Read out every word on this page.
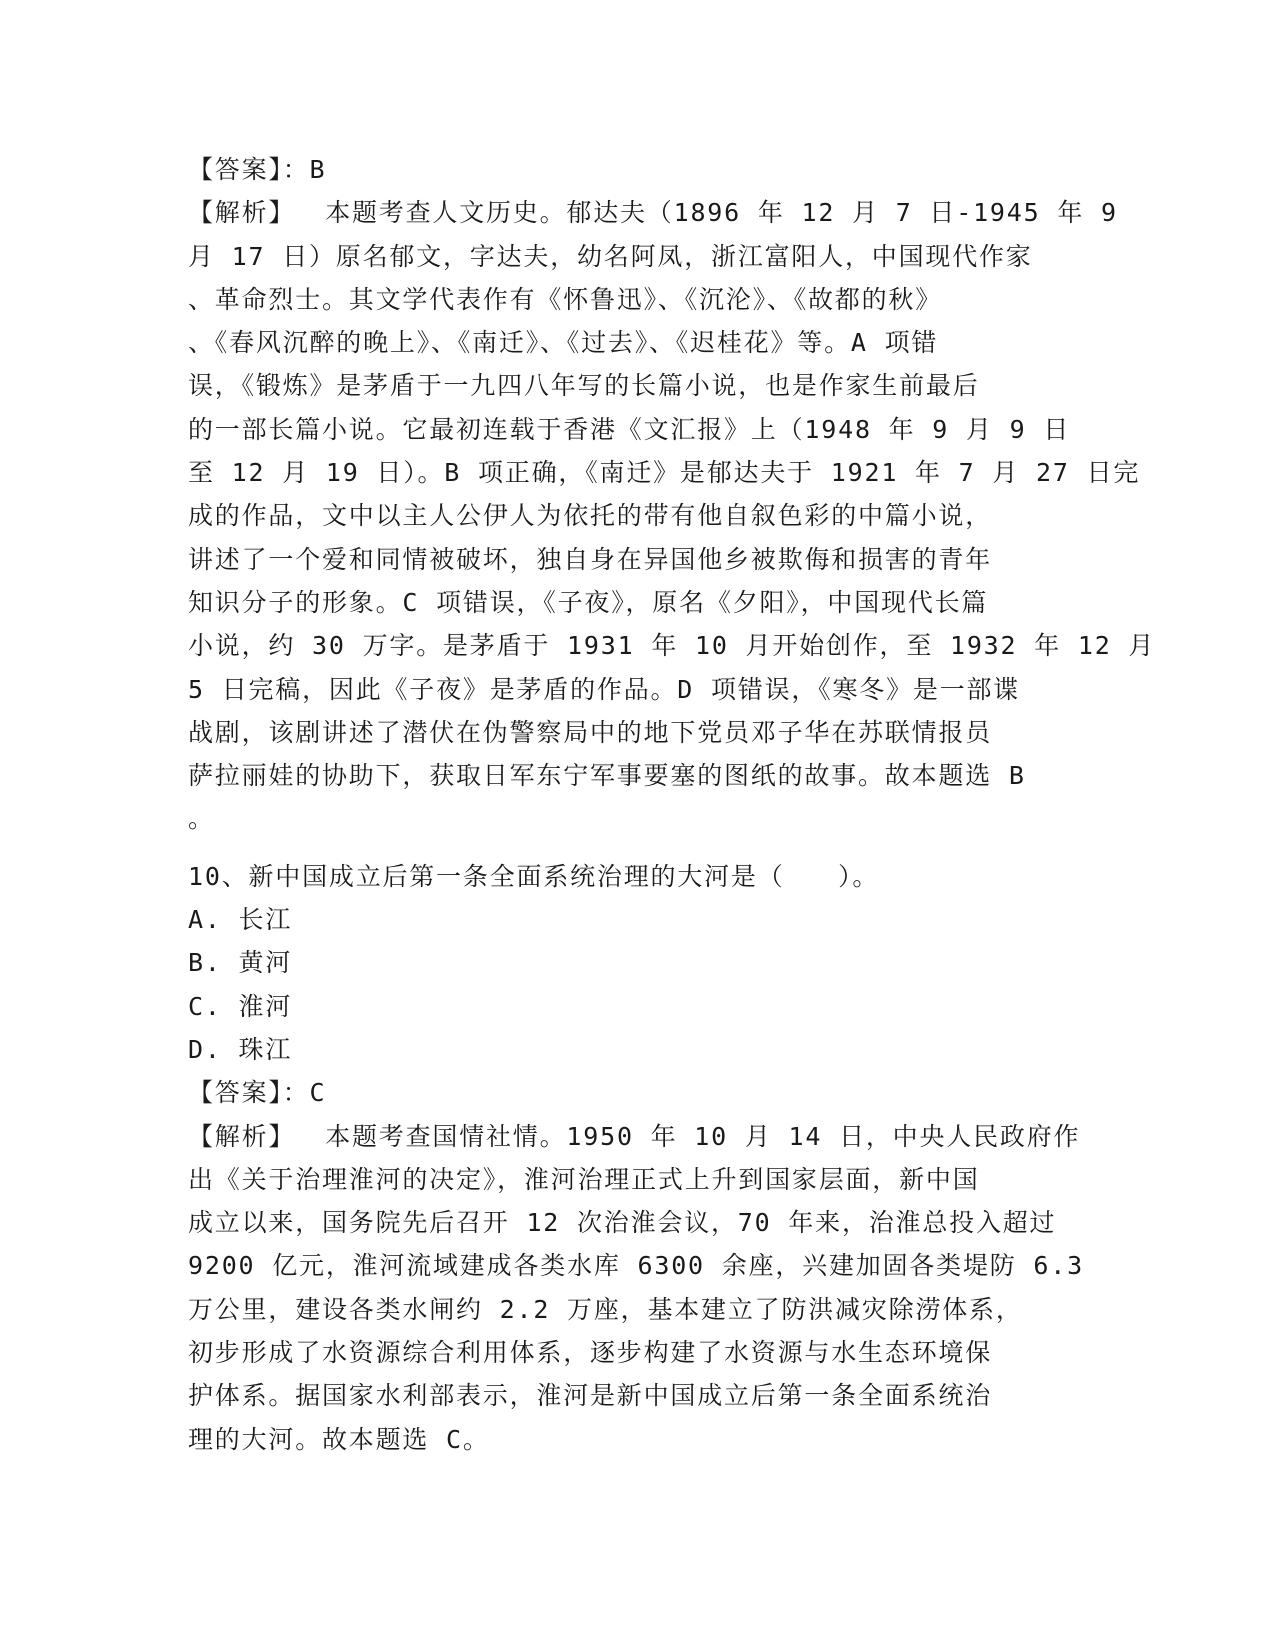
【答案】：B
【解析】 本题考查人文历史。郁达夫（1896 年 12 月 7 日-1945 年 9
月 17 日）原名郁文，字达夫，幼名阿凤，浙江富阳人，中国现代作家
、革命烈士。其文学代表作有《怀鲁迅》、《沉沦》、《故都的秋》
、《春风沉醉的晚上》、《南迁》、《过去》、《迟桂花》等。A 项错
误，《锻炼》是茅盾于一九四八年写的长篇小说，也是作家生前最后
的一部长篇小说。它最初连载于香港《文汇报》上（1948 年 9 月 9 日
至 12 月 19 日）。B 项正确，《南迁》是郁达夫于 1921 年 7 月 27 日完
成的作品，文中以主人公伊人为依托的带有他自叙色彩的中篇小说，
讲述了一个爱和同情被破坏，独自身在异国他乡被欺侮和损害的青年
知识分子的形象。C 项错误，《子夜》，原名《夕阳》，中国现代长篇
小说，约 30 万字。是茅盾于 1931 年 10 月开始创作，至 1932 年 12 月
5 日完稿，因此《子夜》是茅盾的作品。D 项错误，《寒冬》是一部谍
战剧，该剧讲述了潜伏在伪警察局中的地下党员邓子华在苏联情报员
萨拉丽娃的协助下，获取日军东宁军事要塞的图纸的故事。故本题选 B
。
10、新中国成立后第一条全面系统治理的大河是（　　）。
A. 长江
B. 黄河
C. 淮河
D. 珠江
【答案】：C
【解析】 本题考查国情社情。1950 年 10 月 14 日，中央人民政府作
出《关于治理淮河的决定》，淮河治理正式上升到国家层面，新中国
成立以来，国务院先后召开 12 次治淮会议，70 年来，治淮总投入超过
9200 亿元，淮河流域建成各类水库 6300 余座，兴建加固各类堤防 6.3
万公里，建设各类水闸约 2.2 万座，基本建立了防洪减灾除涝体系，
初步形成了水资源综合利用体系，逐步构建了水资源与水生态环境保
护体系。据国家水利部表示，淮河是新中国成立后第一条全面系统治
理的大河。故本题选 C。
